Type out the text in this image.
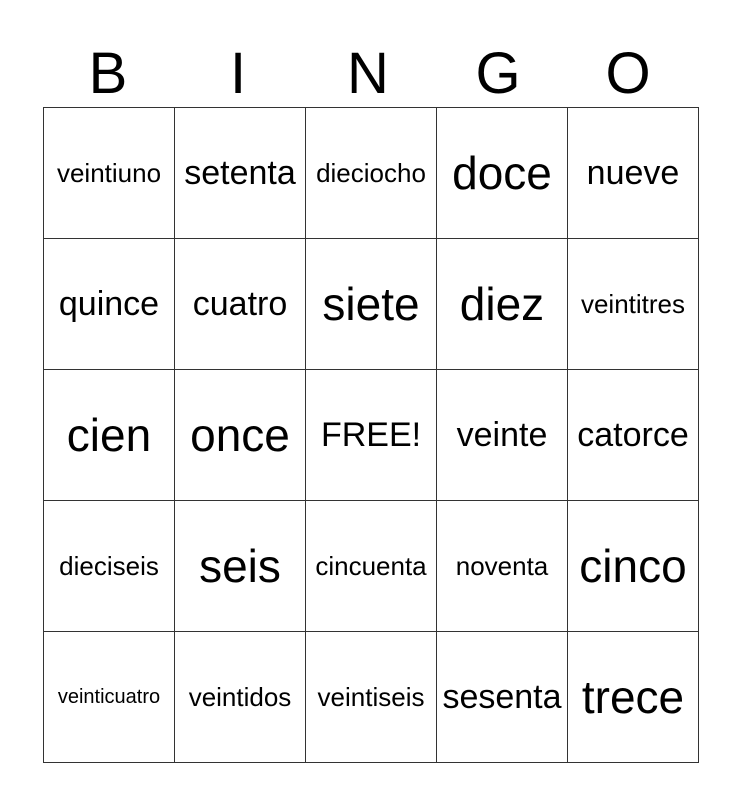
B	I	N	G	O
veintiuno	setenta	dieciocho	doce	nueve
quince	cuatro	siete	diez	veintitres
cien	once	FREE!	veinte	catorce
dieciseis	seis	cincuenta	noventa	cinco
veinticuatro	veintidos	veintiseis	sesenta	trece
